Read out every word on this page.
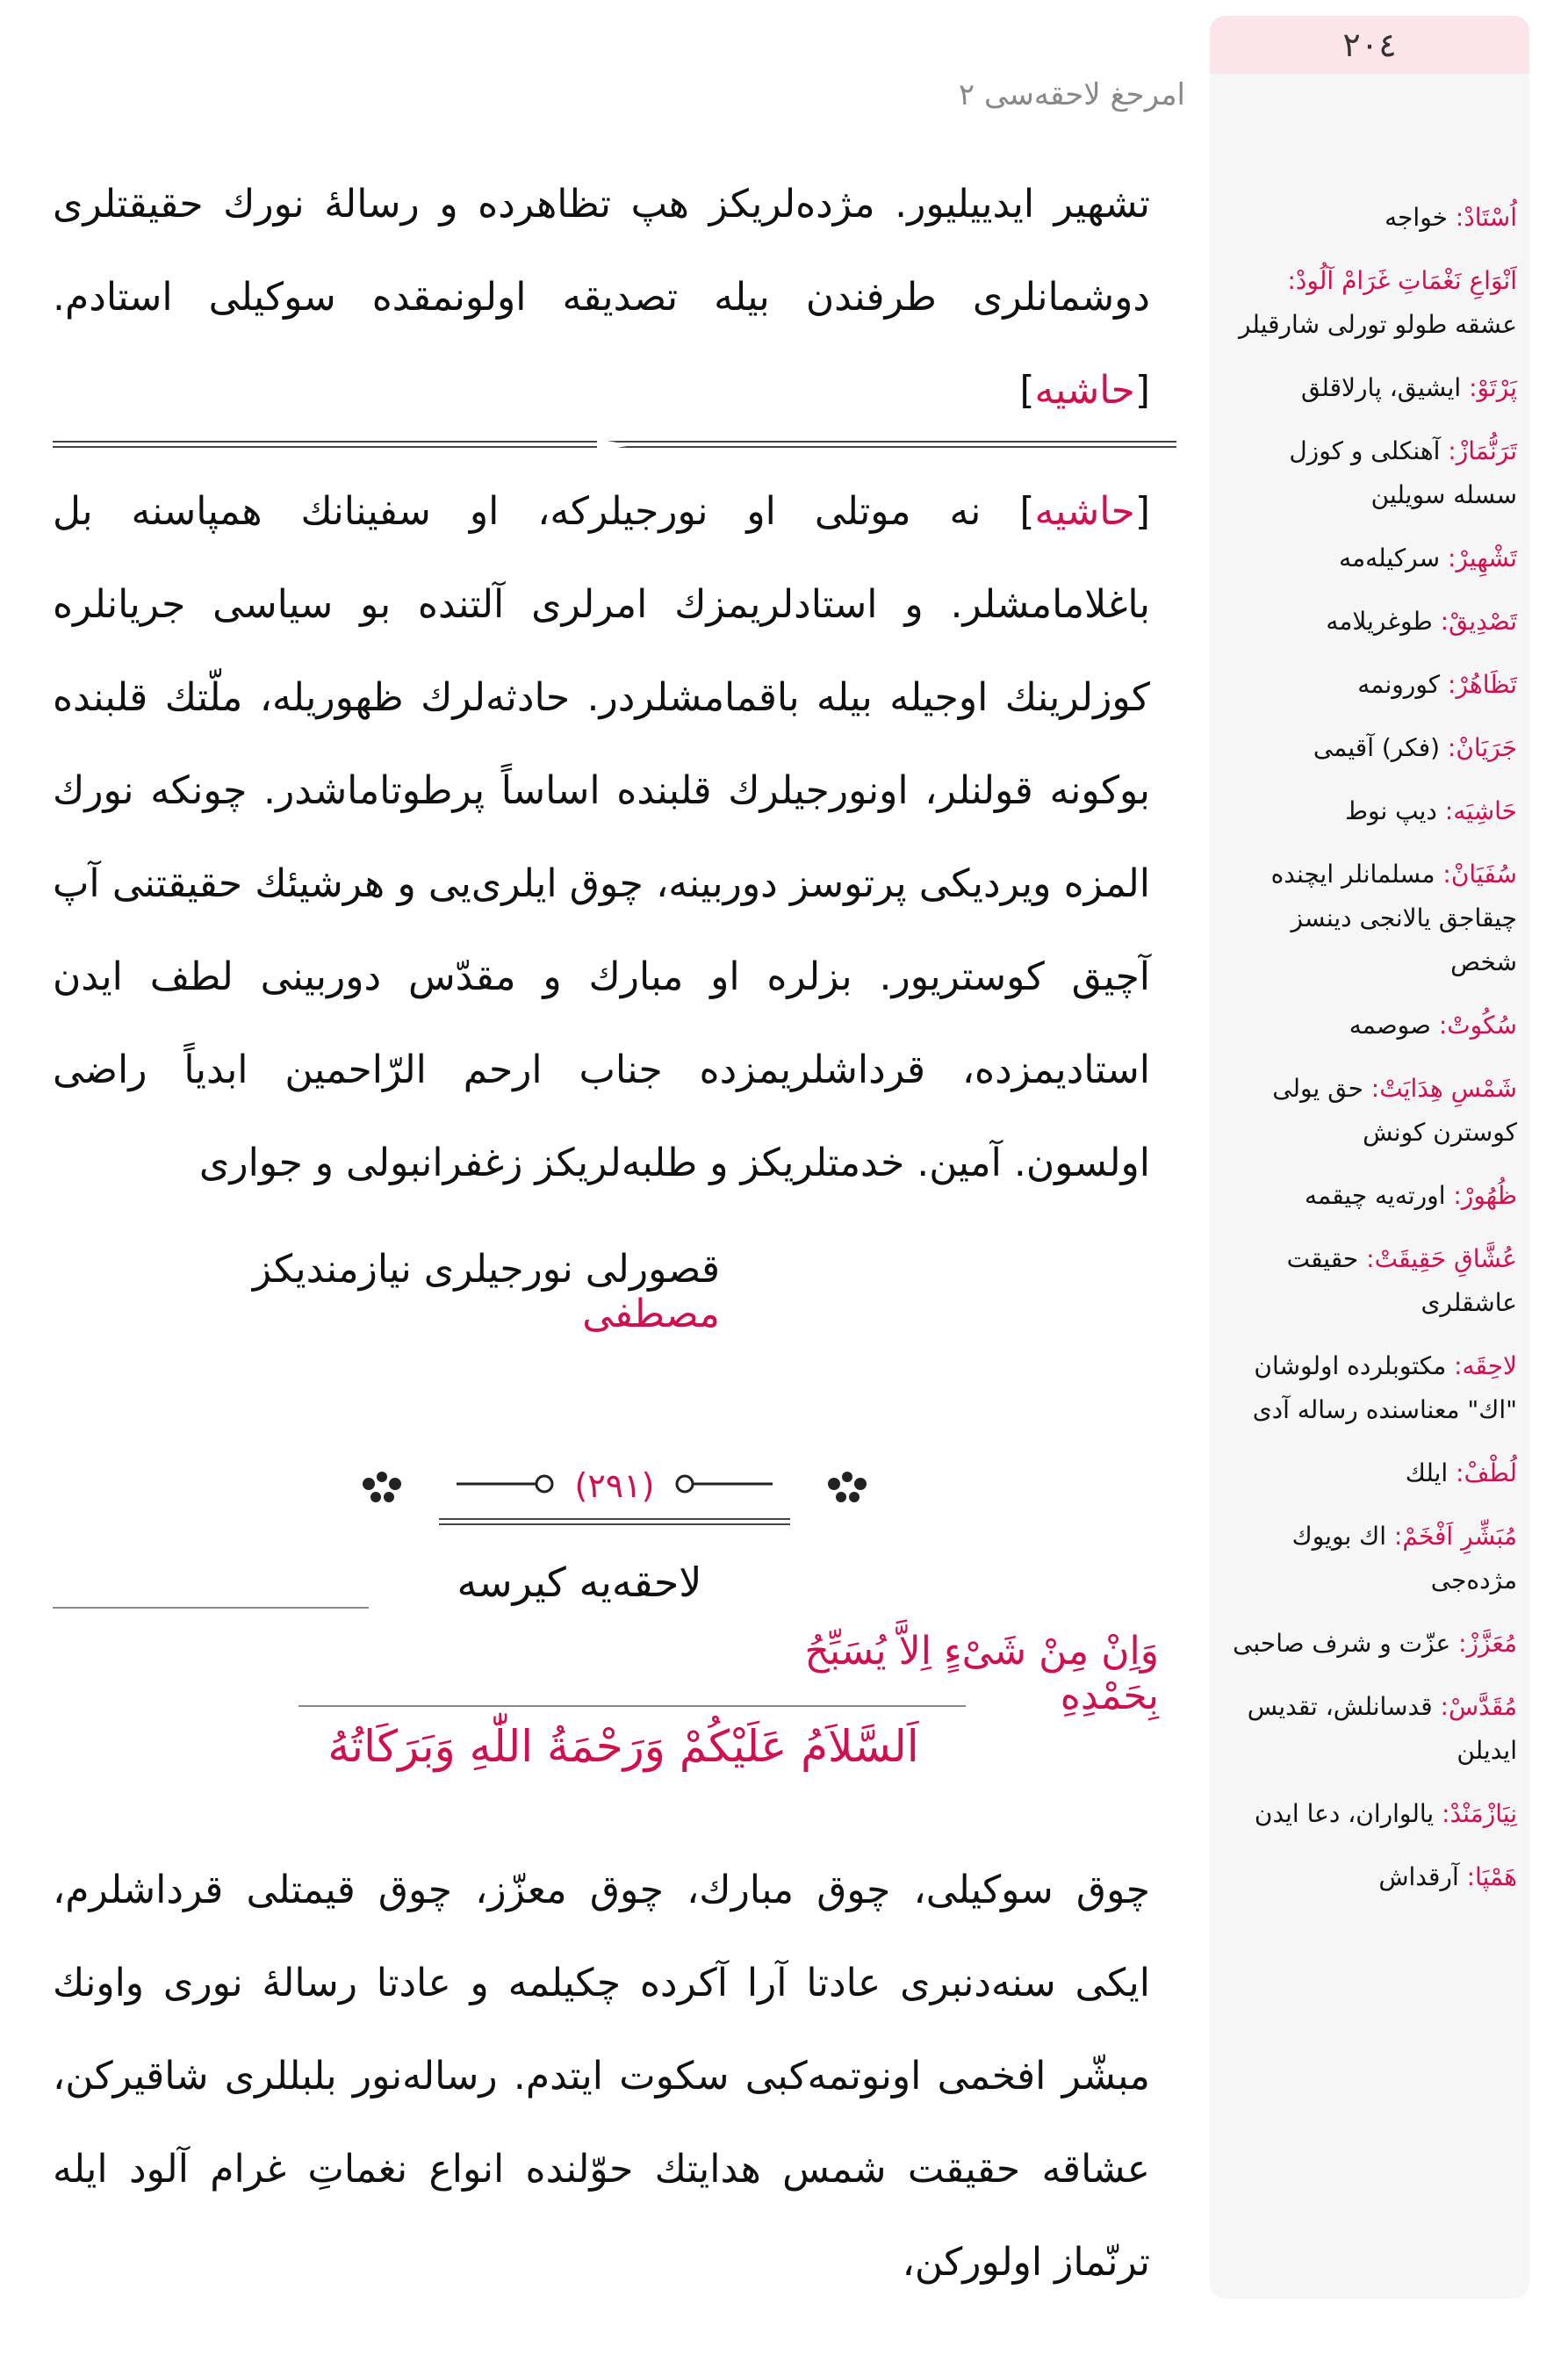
امرحغ لاحقەسی ٢

تشهیر ایدییلیور. مژده‌لریکز هپ تظاهرده و رسالهٔ نورك حقیقتلری دوشمانلری طرفندن بیله تصدیقه اولونمقده سوکیلی استادم. [حاشیه]

[حاشیه] نه موتلی او نورجیلرکه، او سفینانك همپاسنه بل باغلامامشلر. و استادلریمزك امرلری آلتنده بو سیاسی جریانلره کوزلرینك اوجیله بیله باقمامشلردر. حادثه‌لرك ظهوریله، ملّتك قلبنده بوکونه قولنلر، اونورجیلرك قلبنده اساساً پرطوتاماشدر. چونکه نورك المزه ویردیکی پرتوسز دوربینه، چوق ایلری‌یی و هرشیئك حقیقتنی آپ آچیق کوستریور. بزلره او مبارك و مقدّس دوربینی لطف ایدن استادیمزده، قرداشلریمزده جناب ارحم الرّاحمین ابدیاً راضی اولسون. آمین. خدمتلریکز و طلبه‌لریکز زغفرانبولی و جواری

قصورلی نورجیلری نیازمندیکز مصطفی
(٢٩١)
لاحقه‌یه کیرسه
وَاِنْ مِنْ شَیْءٍ اِلاَّ يُسَبِّحُ بِحَمْدِهِ
اَلسَّلاَمُ عَلَيْكُمْ وَرَحْمَةُ اللّٰهِ وَبَرَكَاتُهُ

چوق سوکیلی، چوق مبارك، چوق معزّز، چوق قیمتلی قرداشلرم، ایکی سنه‌دنبری عادتا آرا آکرده چکیلمه و عادتا رسالهٔ نوری واونك مبشّر افخمی اونوتمه‌کبی سکوت ایتدم. رساله‌نور بلبللری شاقیرکن، عشاقه حقیقت شمس هدایتك حوّلنده انواع نغماتِ غرام آلود ایله ترنّماز اولورکن،

٢٠٤
اُسْتَادْ: خواجه
اَنْوَاعِ نَغْمَاتِ غَرَامْ آلُودْ: عشقه طولو تورلی شارقیلر
پَرْتَوْ: ایشیق، پارلاقلق
تَرَنُّمَازْ: آهنکلی و کوزل سسله سویلین
تَشْهِیرْ: سرکیله‌مه
تَصْدِیقْ: طوغریلامه
تَظَاهُرْ: کورونمه
جَرَیَانْ: (فکر) آقیمی
حَاشِیَه: دیپ نوط
سُفَیَانْ: مسلمانلر ایچنده چیقاجق یالانجی دینسز شخص
سُکُوتْ: صوصمه
شَمْسِ هِدَایَتْ: حق یولی کوسترن کونش
ظُهُورْ: اورته‌یه چیقمه
عُشَّاقِ حَقِیقَتْ: حقیقت عاشقلری
لاحِقَه: مکتوبلرده اولوشان "اك" معناسنده رساله آدی
لُطْفْ: ایلك
مُبَشِّرِ اَفْخَمْ: اك بویوك مژده‌جی
مُعَزَّزْ: عزّت و شرف صاحبی
مُقَدَّسْ: قدسانلش، تقدیس ایدیلن
نِیَازْمَنْدْ: یالواران، دعا ایدن
هَمْپَا: آرقداش
